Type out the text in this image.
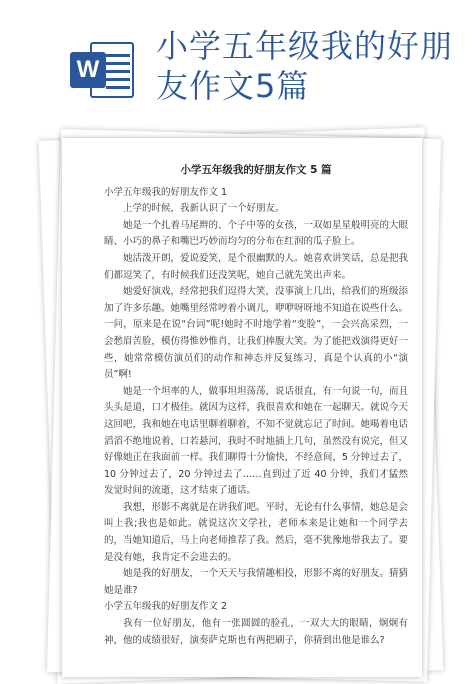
W
小学五年级我的好朋友作文5篇
小学五年级我的好朋友作文 5 篇

小学五年级我的好朋友作文 1

上学的时候，我新认识了一个好朋友。

她是一个扎着马尾辫的、个子中等的女孩，一双如星星般明亮的大眼睛、小巧的鼻子和嘴巴巧妙而均匀的分布在红润的瓜子脸上。

她活泼开朗，爱说爱笑，是个很幽默的人。她喜欢讲笑话，总是把我们都逗笑了，有时候我们还没笑呢，她自己就先笑出声来。

她爱好演戏，经常把我们逗得大笑，没事演上几出，给我们的班级添加了许多乐趣。她嘴里经常哼着小调儿，咿咿呀呀地不知道在说些什么。一问，原来是在说“台词”呢!她时不时地学着“变脸”，一会兴高采烈，一会愁眉苦脸，模仿得惟妙惟肖，让我们捧腹大笑。为了能把戏演得更好一些，她常常模仿演员们的动作和神态并反复练习，真是个认真的小“演员”啊!

她是一个坦率的人，做事坦坦荡荡，说话很直，有一句说一句，而且头头是道，口才极佳。就因为这样，我很喜欢和她在一起聊天。就说今天这回吧，我和她在电话里聊着聊着，不知不觉就忘记了时间。她喝着电话滔滔不绝地说着，口若悬河，我时不时地插上几句，虽然没有说完，但又好像她正在我面前一样。我们聊得十分愉快，不经意间，5 分钟过去了，10 分钟过去了，20 分钟过去了……直到过了近 40 分钟，我们才猛然发觉时间的流逝，这才结束了通话。

我想，形影不离就是在讲我们吧。平时，无论有什么事情，她总是会叫上我;我也是如此。就说这次文学社，老师本来是让她和一个同学去的，当她知道后，马上向老师推荐了我。然后，毫不犹豫地带我去了。要是没有她，我肯定不会进去的。

她是我的好朋友，一个天天与我情趣相投，形影不离的好朋友。猜猜她是谁?

小学五年级我的好朋友作文 2

我有一位好朋友，他有一张圆圆的脸孔，一双大大的眼睛，炯炯有神，他的成绩很好，演奏萨克斯也有两把刷子，你猜到出他是谁么?
